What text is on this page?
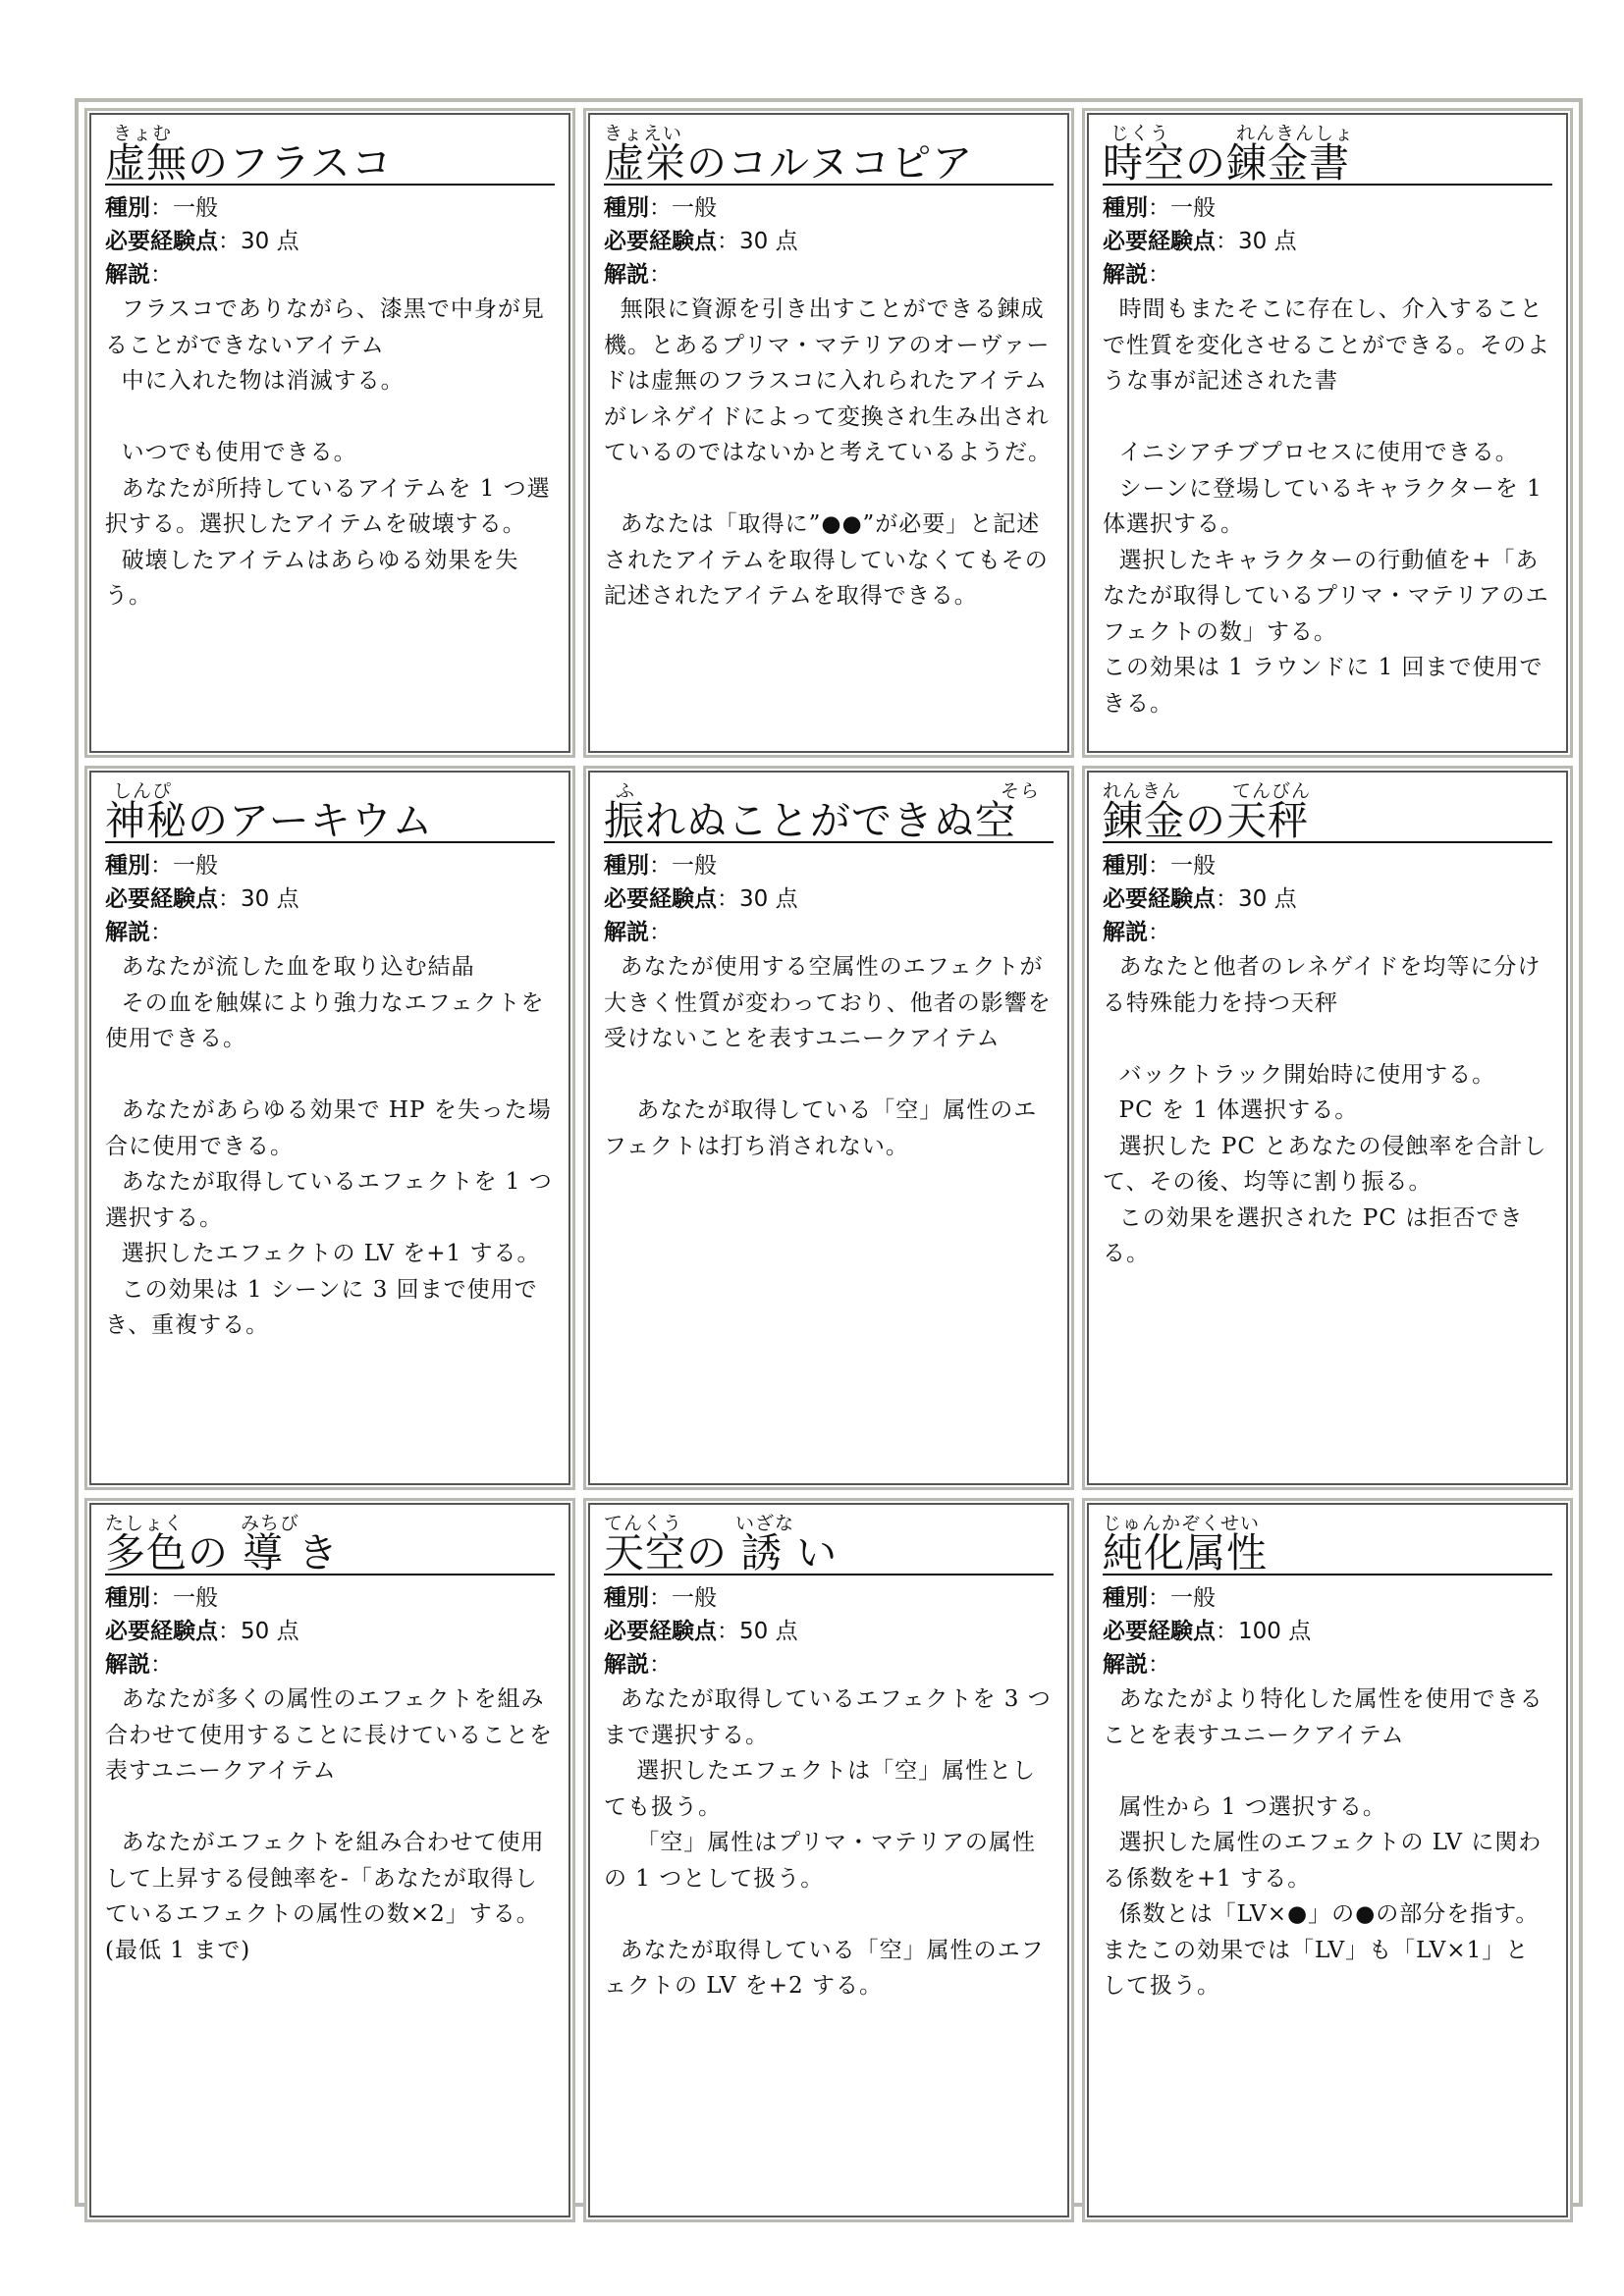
虚無のフラスコ
きょむ
種別：一般
必要経験点：30 点
解説：
フラスコでありながら、漆黒で中身が見ることができないアイテム
中に入れた物は消滅する。

いつでも使用できる。
あなたが所持しているアイテムを 1 つ選択する。選択したアイテムを破壊する。
破壊したアイテムはあらゆる効果を失う。
虚栄のコルヌコピア
きょえい
種別：一般
必要経験点：30 点
解説：
無限に資源を引き出すことができる錬成機。とあるプリマ・マテリアのオーヴァードは虚無のフラスコに入れられたアイテムがレネゲイドによって変換され生み出されているのではないかと考えているようだ。

あなたは「取得に”●●”が必要」と記述されたアイテムを取得していなくてもその記述されたアイテムを取得できる。
時空の錬金書
じくう	れんきんしょ
種別：一般
必要経験点：30 点
解説：
時間もまたそこに存在し、介入することで性質を変化させることができる。そのような事が記述された書

イニシアチブプロセスに使用できる。
シーンに登場しているキャラクターを 1 体選択する。
選択したキャラクターの行動値を+「あなたが取得しているプリマ・マテリアのエフェクトの数」する。
この効果は 1 ラウンドに 1 回まで使用できる。
神秘のアーキウム
しんぴ
種別：一般
必要経験点：30 点
解説：
あなたが流した血を取り込む結晶
その血を触媒により強力なエフェクトを使用できる。

あなたがあらゆる効果で HP を失った場合に使用できる。
あなたが取得しているエフェクトを 1 つ選択する。
選択したエフェクトの LV を+1 する。
この効果は 1 シーンに 3 回まで使用でき、重複する。
振れぬことができぬ空
ふ	そら
種別：一般
必要経験点：30 点
解説：
あなたが使用する空属性のエフェクトが大きく性質が変わっており、他者の影響を受けないことを表すユニークアイテム

あなたが取得している「空」属性のエフェクトは打ち消されない。
錬金の天秤
れんきん	てんびん
種別：一般
必要経験点：30 点
解説：
あなたと他者のレネゲイドを均等に分ける特殊能力を持つ天秤

バックトラック開始時に使用する。
PC を 1 体選択する。
選択した PC とあなたの侵蝕率を合計して、その後、均等に割り振る。
この効果を選択された PC は拒否できる。
多色の 導 き
たしょく	みちび
種別：一般
必要経験点：50 点
解説：
あなたが多くの属性のエフェクトを組み合わせて使用することに長けていることを表すユニークアイテム

あなたがエフェクトを組み合わせて使用して上昇する侵蝕率を-「あなたが取得しているエフェクトの属性の数×2」する。(最低 1 まで)
天空の 誘 い
てんくう	いざな
種別：一般
必要経験点：50 点
解説：
あなたが取得しているエフェクトを 3 つまで選択する。
選択したエフェクトは「空」属性としても扱う。
「空」属性はプリマ・マテリアの属性の 1 つとして扱う。

あなたが取得している「空」属性のエフェクトの LV を+2 する。
純化属性
じゅんかぞくせい
種別：一般
必要経験点：100 点
解説：
あなたがより特化した属性を使用できることを表すユニークアイテム

属性から 1 つ選択する。
選択した属性のエフェクトの LV に関わる係数を+1 する。
係数とは「LV×●」の●の部分を指す。またこの効果では「LV」も「LV×1」として扱う。
